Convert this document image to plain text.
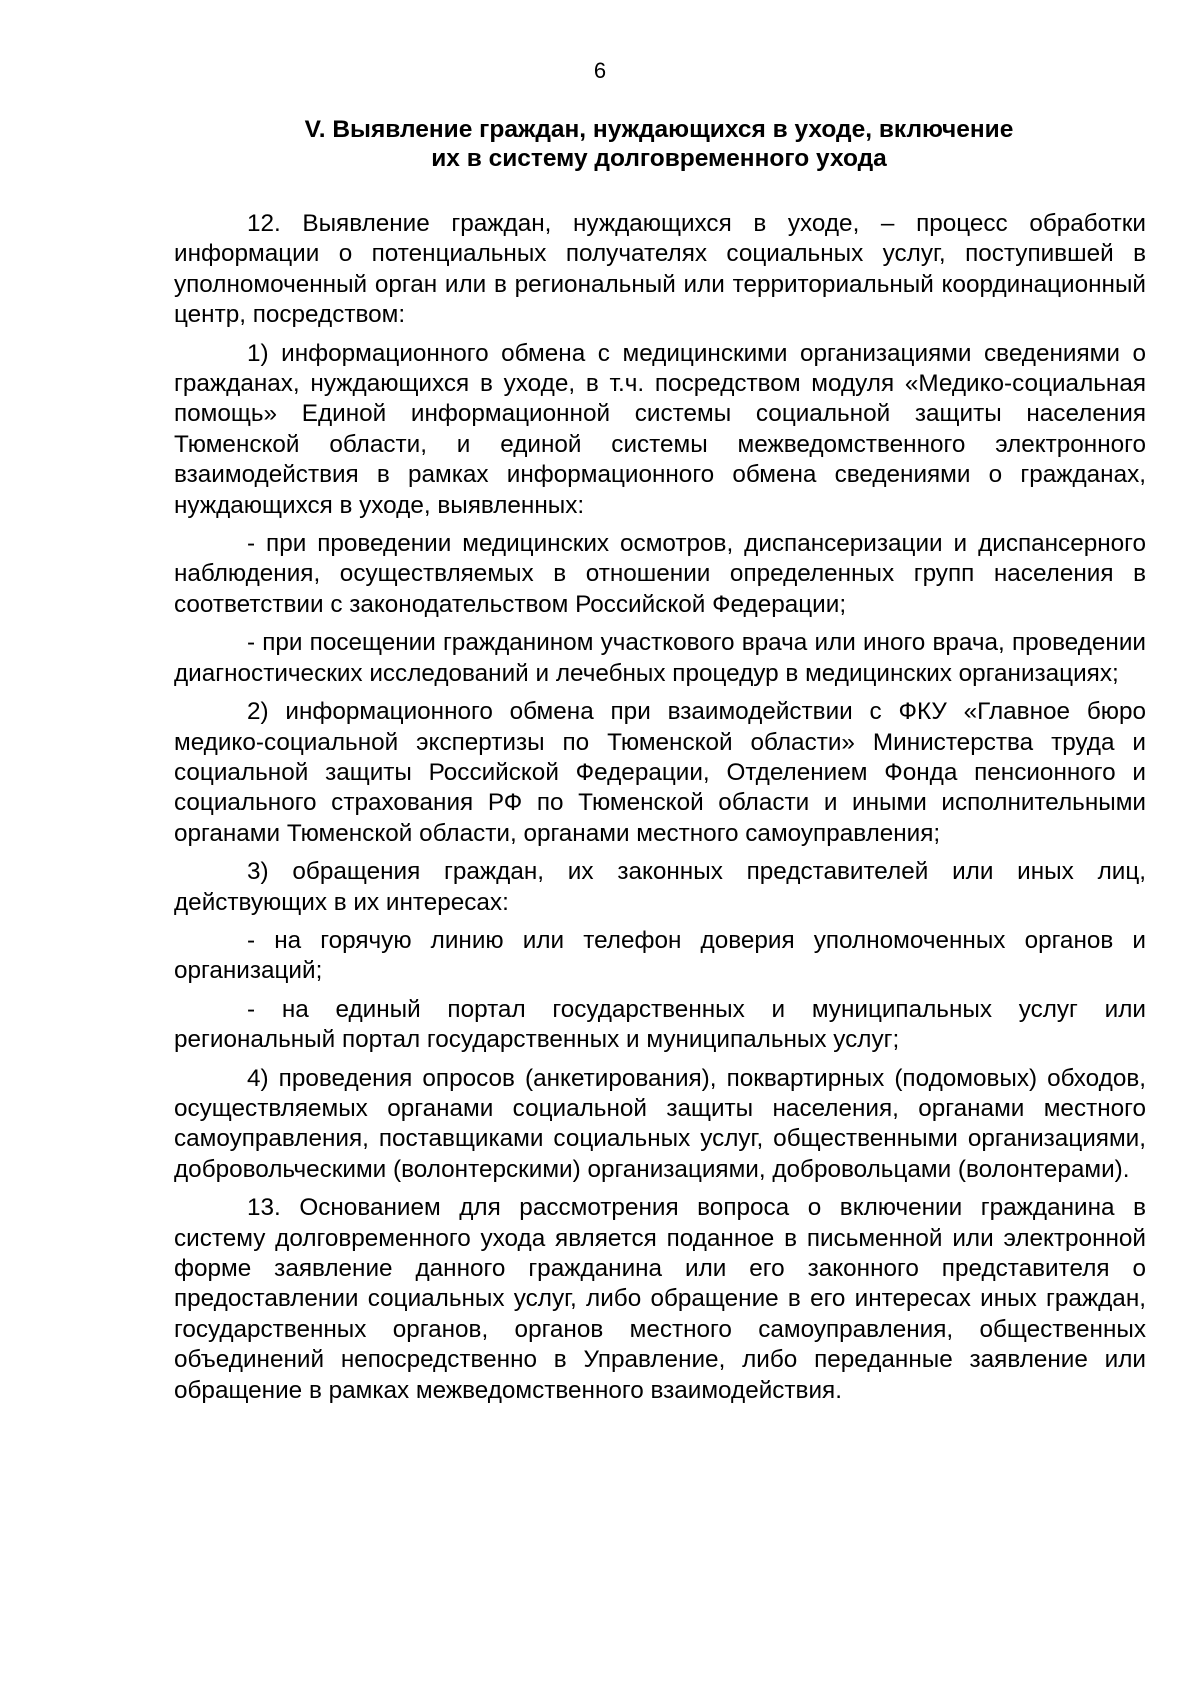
6
V. Выявление граждан, нуждающихся в уходе, включение
их в систему долговременного ухода

12. Выявление граждан, нуждающихся в уходе, – процесс обработки информации о потенциальных получателях социальных услуг, поступившей в уполномоченный орган или в региональный или территориальный координационный центр, посредством:

1) информационного обмена с медицинскими организациями сведениями о гражданах, нуждающихся в уходе, в т.ч. посредством модуля «Медико-социальная помощь» Единой информационной системы социальной защиты населения Тюменской области, и единой системы межведомственного электронного взаимодействия в рамках информационного обмена сведениями о гражданах, нуждающихся в уходе, выявленных:

- при проведении медицинских осмотров, диспансеризации и диспансерного наблюдения, осуществляемых в отношении определенных групп населения в соответствии с законодательством Российской Федерации;

- при посещении гражданином участкового врача или иного врача, проведении диагностических исследований и лечебных процедур в медицинских организациях;

2) информационного обмена при взаимодействии с ФКУ «Главное бюро медико-социальной экспертизы по Тюменской области» Министерства труда и социальной защиты Российской Федерации, Отделением Фонда пенсионного и социального страхования РФ по Тюменской области и иными исполнительными органами Тюменской области, органами местного самоуправления;

3) обращения граждан, их законных представителей или иных лиц, действующих в их интересах:

- на горячую линию или телефон доверия уполномоченных органов и организаций;

- на единый портал государственных и муниципальных услуг или региональный портал государственных и муниципальных услуг;

4) проведения опросов (анкетирования), поквартирных (подомовых) обходов, осуществляемых органами социальной защиты населения, органами местного самоуправления, поставщиками социальных услуг, общественными организациями, добровольческими (волонтерскими) организациями, добровольцами (волонтерами).

13. Основанием для рассмотрения вопроса о включении гражданина в систему долговременного ухода является поданное в письменной или электронной форме заявление данного гражданина или его законного представителя о предоставлении социальных услуг, либо обращение в его интересах иных граждан, государственных органов, органов местного самоуправления, общественных объединений непосредственно в Управление, либо переданные заявление или обращение в рамках межведомственного взаимодействия.
